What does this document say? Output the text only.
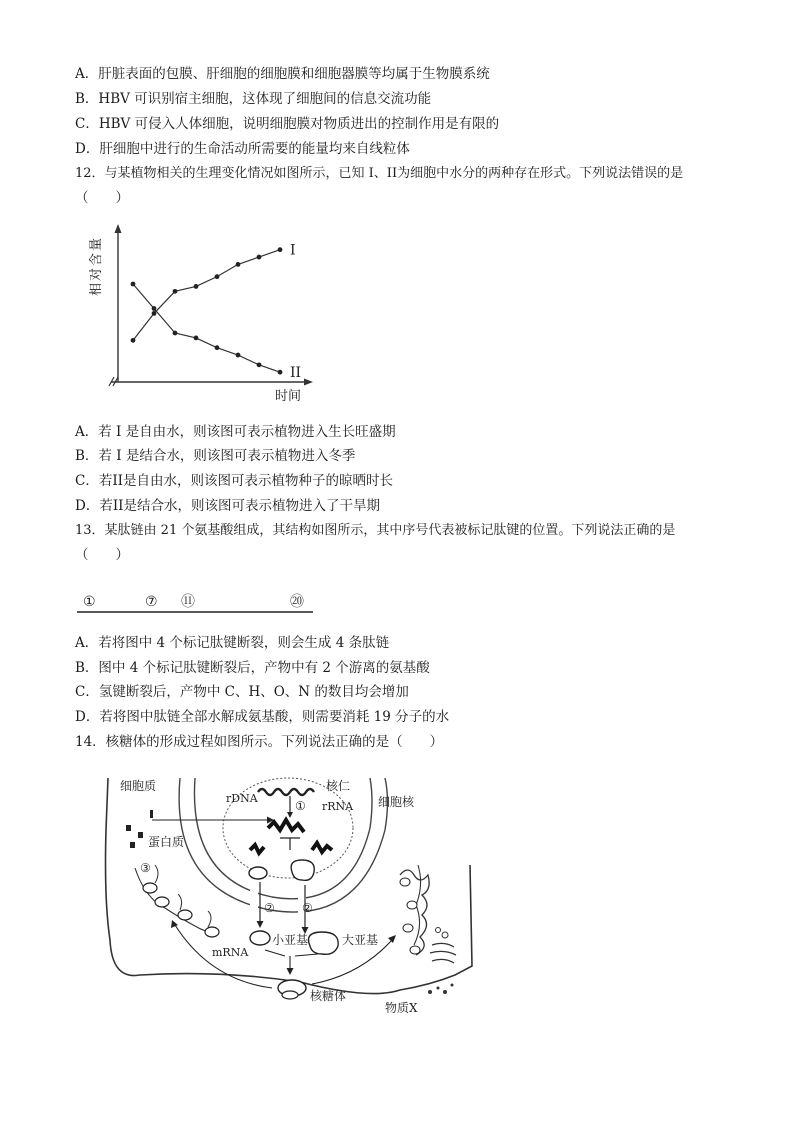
A．肝脏表面的包膜、肝细胞的细胞膜和细胞器膜等均属于生物膜系统
B．HBV 可识别宿主细胞，这体现了细胞间的信息交流功能
C．HBV 可侵入人体细胞，说明细胞膜对物质进出的控制作用是有限的
D．肝细胞中进行的生命活动所需要的能量均来自线粒体
12．与某植物相关的生理变化情况如图所示，已知 I、II为细胞中水分的两种存在形式。下列说法错误的是
（　　）
相对含量
时间
I
II
A．若 I 是自由水，则该图可表示植物进入生长旺盛期
B．若 I 是结合水，则该图可表示植物进入冬季
C．若II是自由水，则该图可表示植物种子的晾晒时长
D．若II是结合水，则该图可表示植物进入了干旱期
13．某肽链由 21 个氨基酸组成，其结构如图所示，其中序号代表被标记肽键的位置。下列说法正确的是
（　　）
①	⑦ ⑪	⑳
A．若将图中 4 个标记肽键断裂，则会生成 4 条肽链
B．图中 4 个标记肽键断裂后，产物中有 2 个游离的氨基酸
C．氢键断裂后，产物中 C、H、O、N 的数目均会增加
D．若将图中肽链全部水解成氨基酸，则需要消耗 19 分子的水
14．核糖体的形成过程如图所示。下列说法正确的是（　　）
细胞质
rDNA
核仁
rRNA 细胞核
蛋白质
①
② ②
③
小亚基	大亚基
mRNA
核糖体
物质X
